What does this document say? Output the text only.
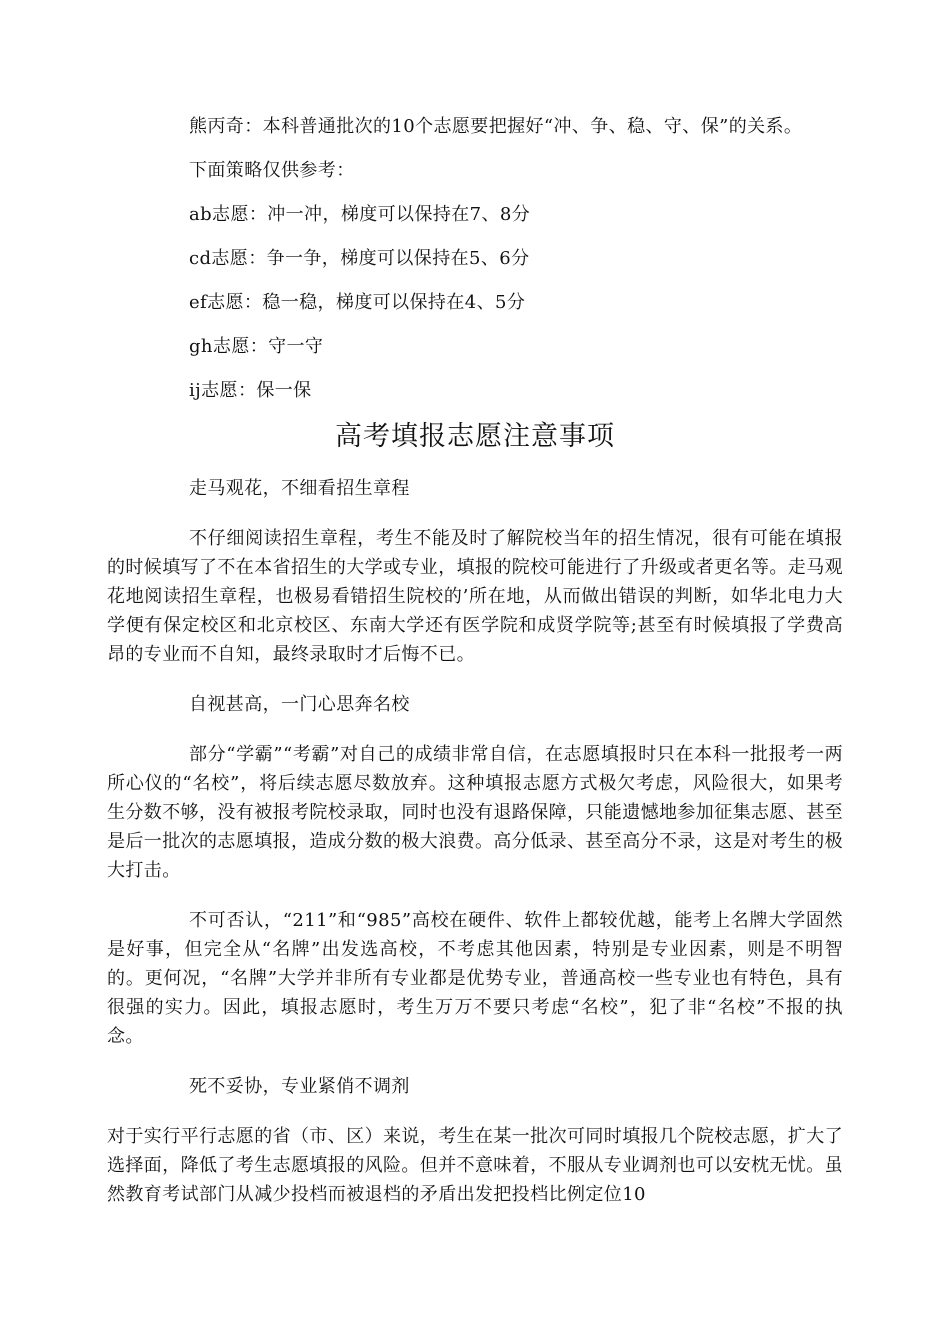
熊丙奇：本科普通批次的10个志愿要把握好“冲、争、稳、守、保”的关系。

下面策略仅供参考：

ab志愿：冲一冲，梯度可以保持在7、8分

cd志愿：争一争，梯度可以保持在5、6分

ef志愿：稳一稳，梯度可以保持在4、5分

gh志愿：守一守

ij志愿：保一保

高考填报志愿注意事项

走马观花，不细看招生章程

不仔细阅读招生章程，考生不能及时了解院校当年的招生情况，很有可能在填报的时候填写了不在本省招生的大学或专业，填报的院校可能进行了升级或者更名等。走马观花地阅读招生章程，也极易看错招生院校的’所在地，从而做出错误的判断，如华北电力大学便有保定校区和北京校区、东南大学还有医学院和成贤学院等;甚至有时候填报了学费高昂的专业而不自知，最终录取时才后悔不已。

自视甚高，一门心思奔名校

部分“学霸”“考霸”对自己的成绩非常自信，在志愿填报时只在本科一批报考一两所心仪的“名校”，将后续志愿尽数放弃。这种填报志愿方式极欠考虑，风险很大，如果考生分数不够，没有被报考院校录取，同时也没有退路保障，只能遗憾地参加征集志愿、甚至是后一批次的志愿填报，造成分数的极大浪费。高分低录、甚至高分不录，这是对考生的极大打击。

不可否认，“211”和“985”高校在硬件、软件上都较优越，能考上名牌大学固然是好事，但完全从“名牌”出发选高校，不考虑其他因素，特别是专业因素，则是不明智的。更何况，“名牌”大学并非所有专业都是优势专业，普通高校一些专业也有特色，具有很强的实力。因此，填报志愿时，考生万万不要只考虑“名校”，犯了非“名校”不报的执念。

死不妥协，专业紧俏不调剂

对于实行平行志愿的省（市、区）来说，考生在某一批次可同时填报几个院校志愿，扩大了选择面，降低了考生志愿填报的风险。但并不意味着，不服从专业调剂也可以安枕无忧。虽然教育考试部门从减少投档而被退档的矛盾出发把投档比例定位10
